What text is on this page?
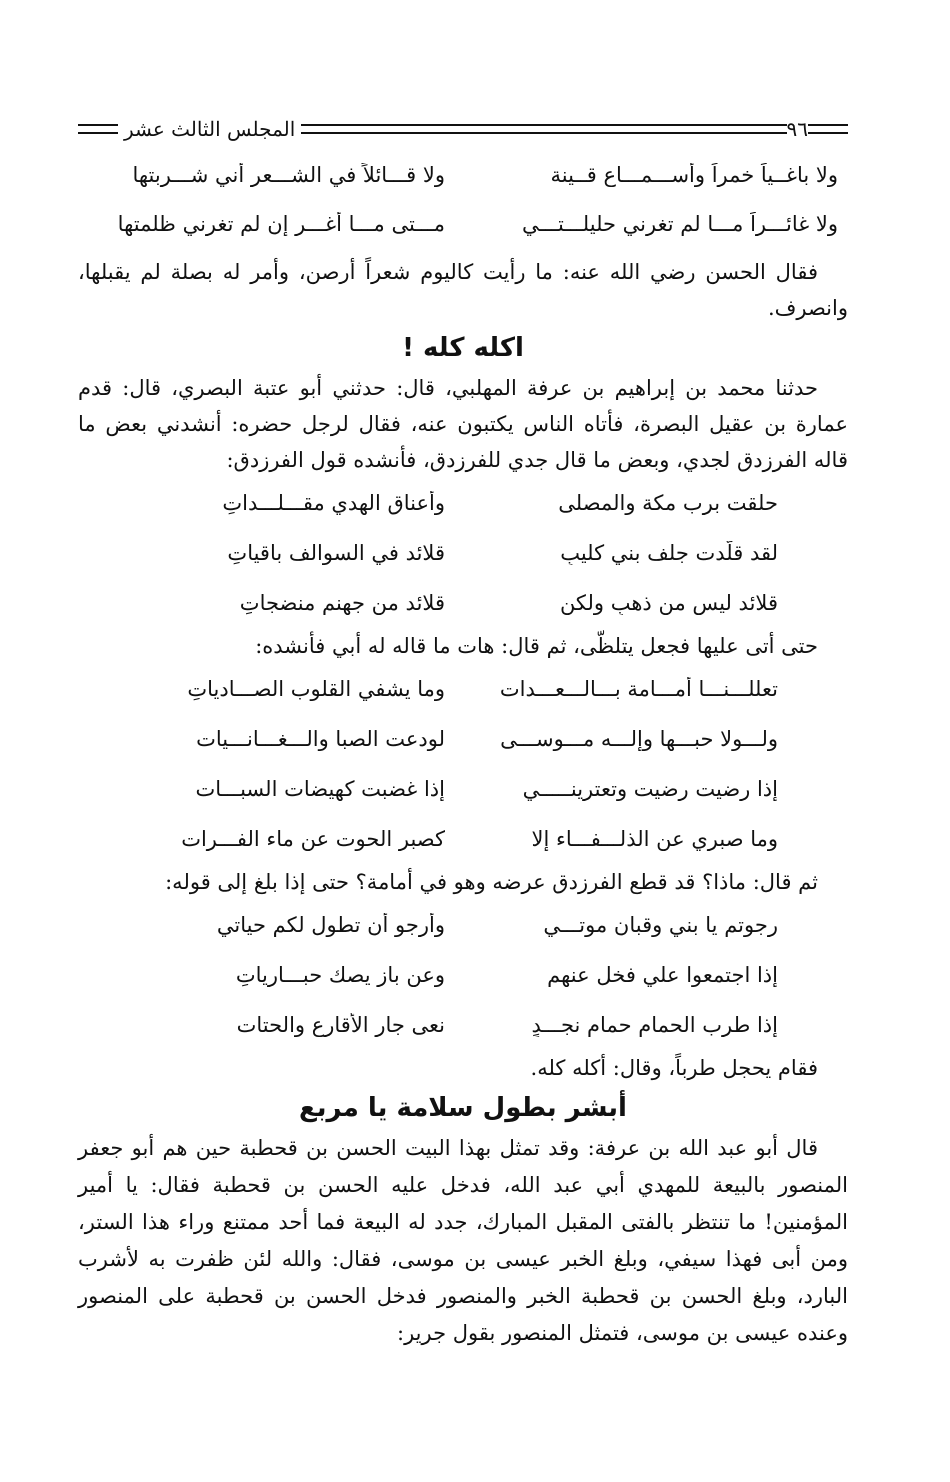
٩٦
المجلس الثالث عشر
ولا باغــياً خمراً وأســـمـــاع قــينة
ولا قـــائلاً في الشـــعر أني شـــربتها
ولا غائـــراً مـــا لم تغرني حليلـــتـــي
مـــتى مـــا أغـــر إن لم تغرني ظلمتها

فقال الحسن رضي الله عنه: ما رأيت كاليوم شعراً أرصن، وأمر له بصلة لم يقبلها، وانصرف.

اكله كله !

حدثنا محمد بن إبراهيم بن عرفة المهلبي، قال: حدثني أبو عتبة البصري، قال: قدم عمارة بن عقيل البصرة، فأتاه الناس يكتبون عنه، فقال لرجل حضره: أنشدني بعض ما قاله الفرزدق لجدي، وبعض ما قال جدي للفرزدق، فأنشده قول الفرزدق:

حلقت برب مكة والمصلى
وأعناق الهدي مقـــلـــداتِ
لقد قلّدت جلف بني كليبٍ
قلائد في السوالف باقياتِ
قلائد ليس من ذهبٍ ولكن
قلائد من جهنم منضجاتِ

حتى أتى عليها فجعل يتلظّى، ثم قال: هات ما قاله له أبي فأنشده:

تعللـــنـــا أمـــامة بـــالـــعـــدات
وما يشفي القلوب الصـــادياتِ
ولـــولا حبـــها وإلـــه مـــوســـى
لودعت الصبا والـــغـــانـــيات
إذا رضيت رضيت وتعترينـــــي
إذا غضبت كهيضات السبـــات
وما صبري عن الذلـــفـــاء إلا
كصبر الحوت عن ماء الفـــرات

ثم قال: ماذا؟ قد قطع الفرزدق عرضه وهو في أمامة؟ حتى إذا بلغ إلى قوله:

رجوتم يا بني وقبان موتـــي
وأرجو أن تطول لكم حياتي
إذا اجتمعوا علي فخل عنهم
وعن بازٍ يصك حبـــارياتِ
إذا طرب الحمام حمام نجـــدٍ
نعى جار الأقارع والحتات

فقام يحجل طرباً، وقال: أكله كله.

أبشر بطول سلامة يا مربع

قال أبو عبد الله بن عرفة: وقد تمثل بهذا البيت الحسن بن قحطبة حين هم أبو جعفر المنصور بالبيعة للمهدي أبي عبد الله، فدخل عليه الحسن بن قحطبة فقال: يا أمير المؤمنين! ما تنتظر بالفتى المقبل المبارك، جدد له البيعة فما أحد ممتنع وراء هذا الستر، ومن أبى فهذا سيفي، وبلغ الخبر عيسى بن موسى، فقال: والله لئن ظفرت به لأشرب البارد، وبلغ الحسن بن قحطبة الخبر والمنصور فدخل الحسن بن قحطبة على المنصور وعنده عيسى بن موسى، فتمثل المنصور بقول جرير:
